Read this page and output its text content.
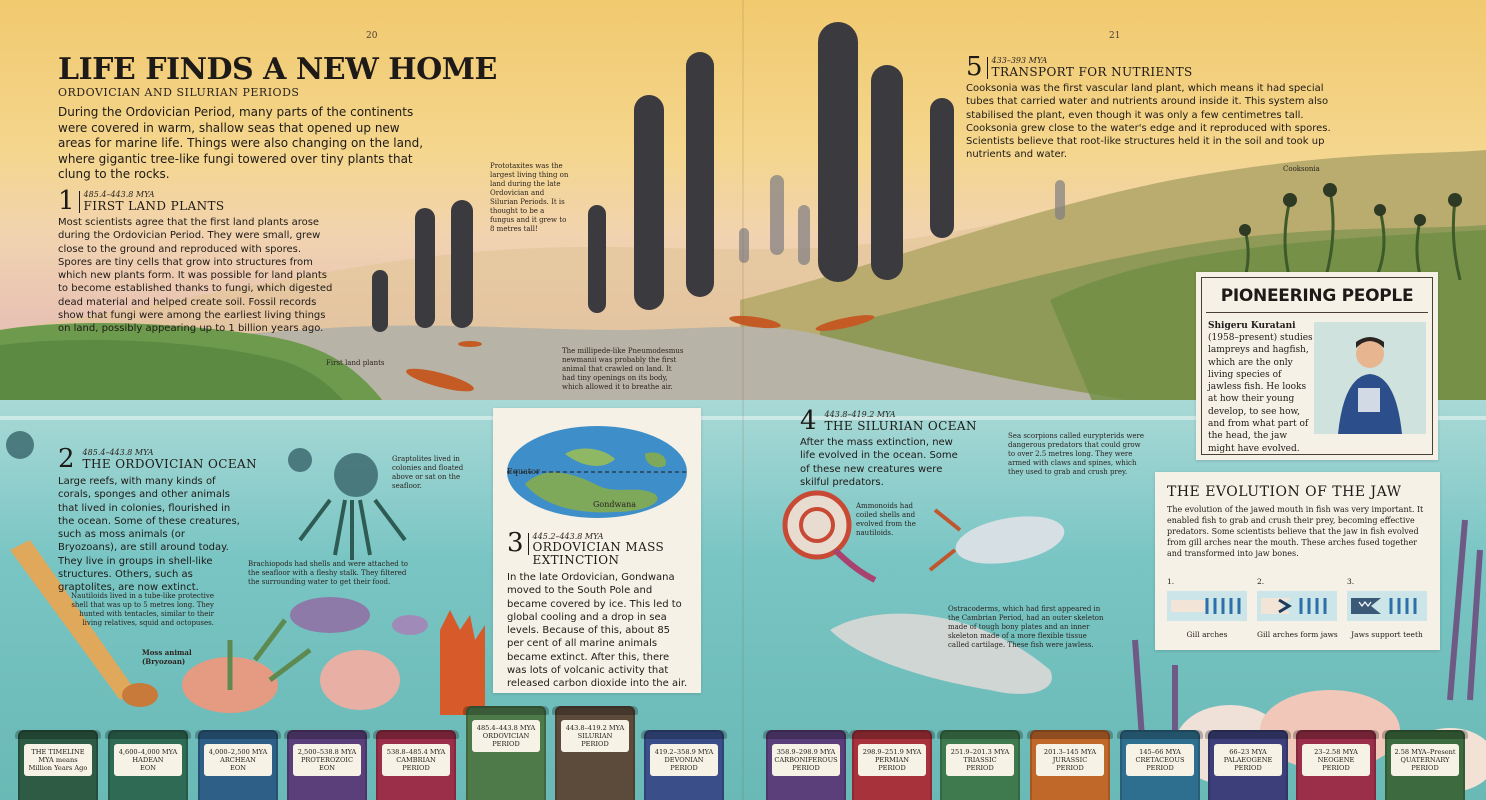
20	21
LIFE FINDS A NEW HOME
ORDOVICIAN AND SILURIAN PERIODS

During the Ordovician Period, many parts of the continents were covered in warm, shallow seas that opened up new areas for marine life. Things were also changing on the land, where gigantic tree-like fungi towered over tiny plants that clung to the rocks.

1 485.4–443.8 MYA
FIRST LAND PLANTS

Most scientists agree that the first land plants arose during the Ordovician Period. They were small, grew close to the ground and reproduced with spores. Spores are tiny cells that grow into structures from which new plants form. It was possible for land plants to become established thanks to fungi, which digested dead material and helped create soil. Fossil records show that fungi were among the earliest living things on land, possibly appearing up to 1 billion years ago.

2 485.4–443.8 MYA
THE ORDOVICIAN OCEAN

Large reefs, with many kinds of corals, sponges and other animals that lived in colonies, flourished in the ocean. Some of these creatures, such as moss animals (or Bryozoans), are still around today. They live in groups in shell-like structures. Others, such as graptolites, are now extinct.

Equator
Gondwana
3 445.2–443.8 MYA
ORDOVICIAN MASS EXTINCTION

In the late Ordovician, Gondwana moved to the South Pole and became covered by ice. This led to global cooling and a drop in sea levels. Because of this, about 85 per cent of all marine animals became extinct. After this, there was lots of volcanic activity that released carbon dioxide into the air.

4 443.8–419.2 MYA
THE SILURIAN OCEAN

After the mass extinction, new life evolved in the ocean. Some of these new creatures were skilful predators.

5 433–393 MYA
TRANSPORT FOR NUTRIENTS

Cooksonia was the first vascular land plant, which means it had special tubes that carried water and nutrients around inside it. This system also stabilised the plant, even though it was only a few centimetres tall. Cooksonia grew close to the water's edge and it reproduced with spores. Scientists believe that root-like structures held it in the soil and took up nutrients and water.

Prototaxites was the largest living thing on land during the late Ordovician and Silurian Periods. It is thought to be a fungus and it grew to 8 metres tall!

First land plants

The millipede-like Pneumodesmus newmanii was probably the first animal that crawled on land. It had tiny openings on its body, which allowed it to breathe air.

Cooksonia

Graptolites lived in colonies and floated above or sat on the seafloor.

Brachiopods had shells and were attached to the seafloor with a fleshy stalk. They filtered the surrounding water to get their food.

Nautiloids lived in a tube-like protective shell that was up to 5 metres long. They hunted with tentacles, similar to their living relatives, squid and octopuses.

Moss animal (Bryozoan)

Sea scorpions called eurypterids were dangerous predators that could grow to over 2.5 metres long. They were armed with claws and spines, which they used to grab and crush prey.

Ammonoids had coiled shells and evolved from the nautiloids.

Ostracoderms, which had first appeared in the Cambrian Period, had an outer skeleton made of tough bony plates and an inner skeleton made of a more flexible tissue called cartilage. These fish were jawless.

PIONEERING PEOPLE
Shigeru Kuratani

(1958–present) studies lampreys and hagfish, which are the only living species of jawless fish. He looks at how their young develop, to see how, and from what part of the head, the jaw might have evolved.

THE EVOLUTION OF THE JAW

The evolution of the jawed mouth in fish was very important. It enabled fish to grab and crush their prey, becoming effective predators. Some scientists believe that the jaw in fish evolved from gill arches near the mouth. These arches fused together and transformed into jaw bones.

1.
Gill arches
2.
Gill arches form jaws
3.
Jaws support teeth
THE TIMELINE
MYA means
Million Years Ago
4,600–4,000 MYA
HADEAN
EON
4,000–2,500 MYA
ARCHEAN
EON
2,500–538.8 MYA
PROTEROZOIC
EON
538.8–485.4 MYA
CAMBRIAN
PERIOD
485.4–443.8 MYA
ORDOVICIAN
PERIOD
443.8–419.2 MYA
SILURIAN
PERIOD
419.2–358.9 MYA
DEVONIAN
PERIOD
358.9–298.9 MYA
CARBONIFEROUS
PERIOD
298.9–251.9 MYA
PERMIAN
PERIOD
251.9–201.3 MYA
TRIASSIC
PERIOD
201.3–145 MYA
JURASSIC
PERIOD
145–66 MYA
CRETACEOUS
PERIOD
66–23 MYA
PALAEOGENE
PERIOD
23–2.58 MYA
NEOGENE
PERIOD
2.58 MYA–Present
QUATERNARY
PERIOD
